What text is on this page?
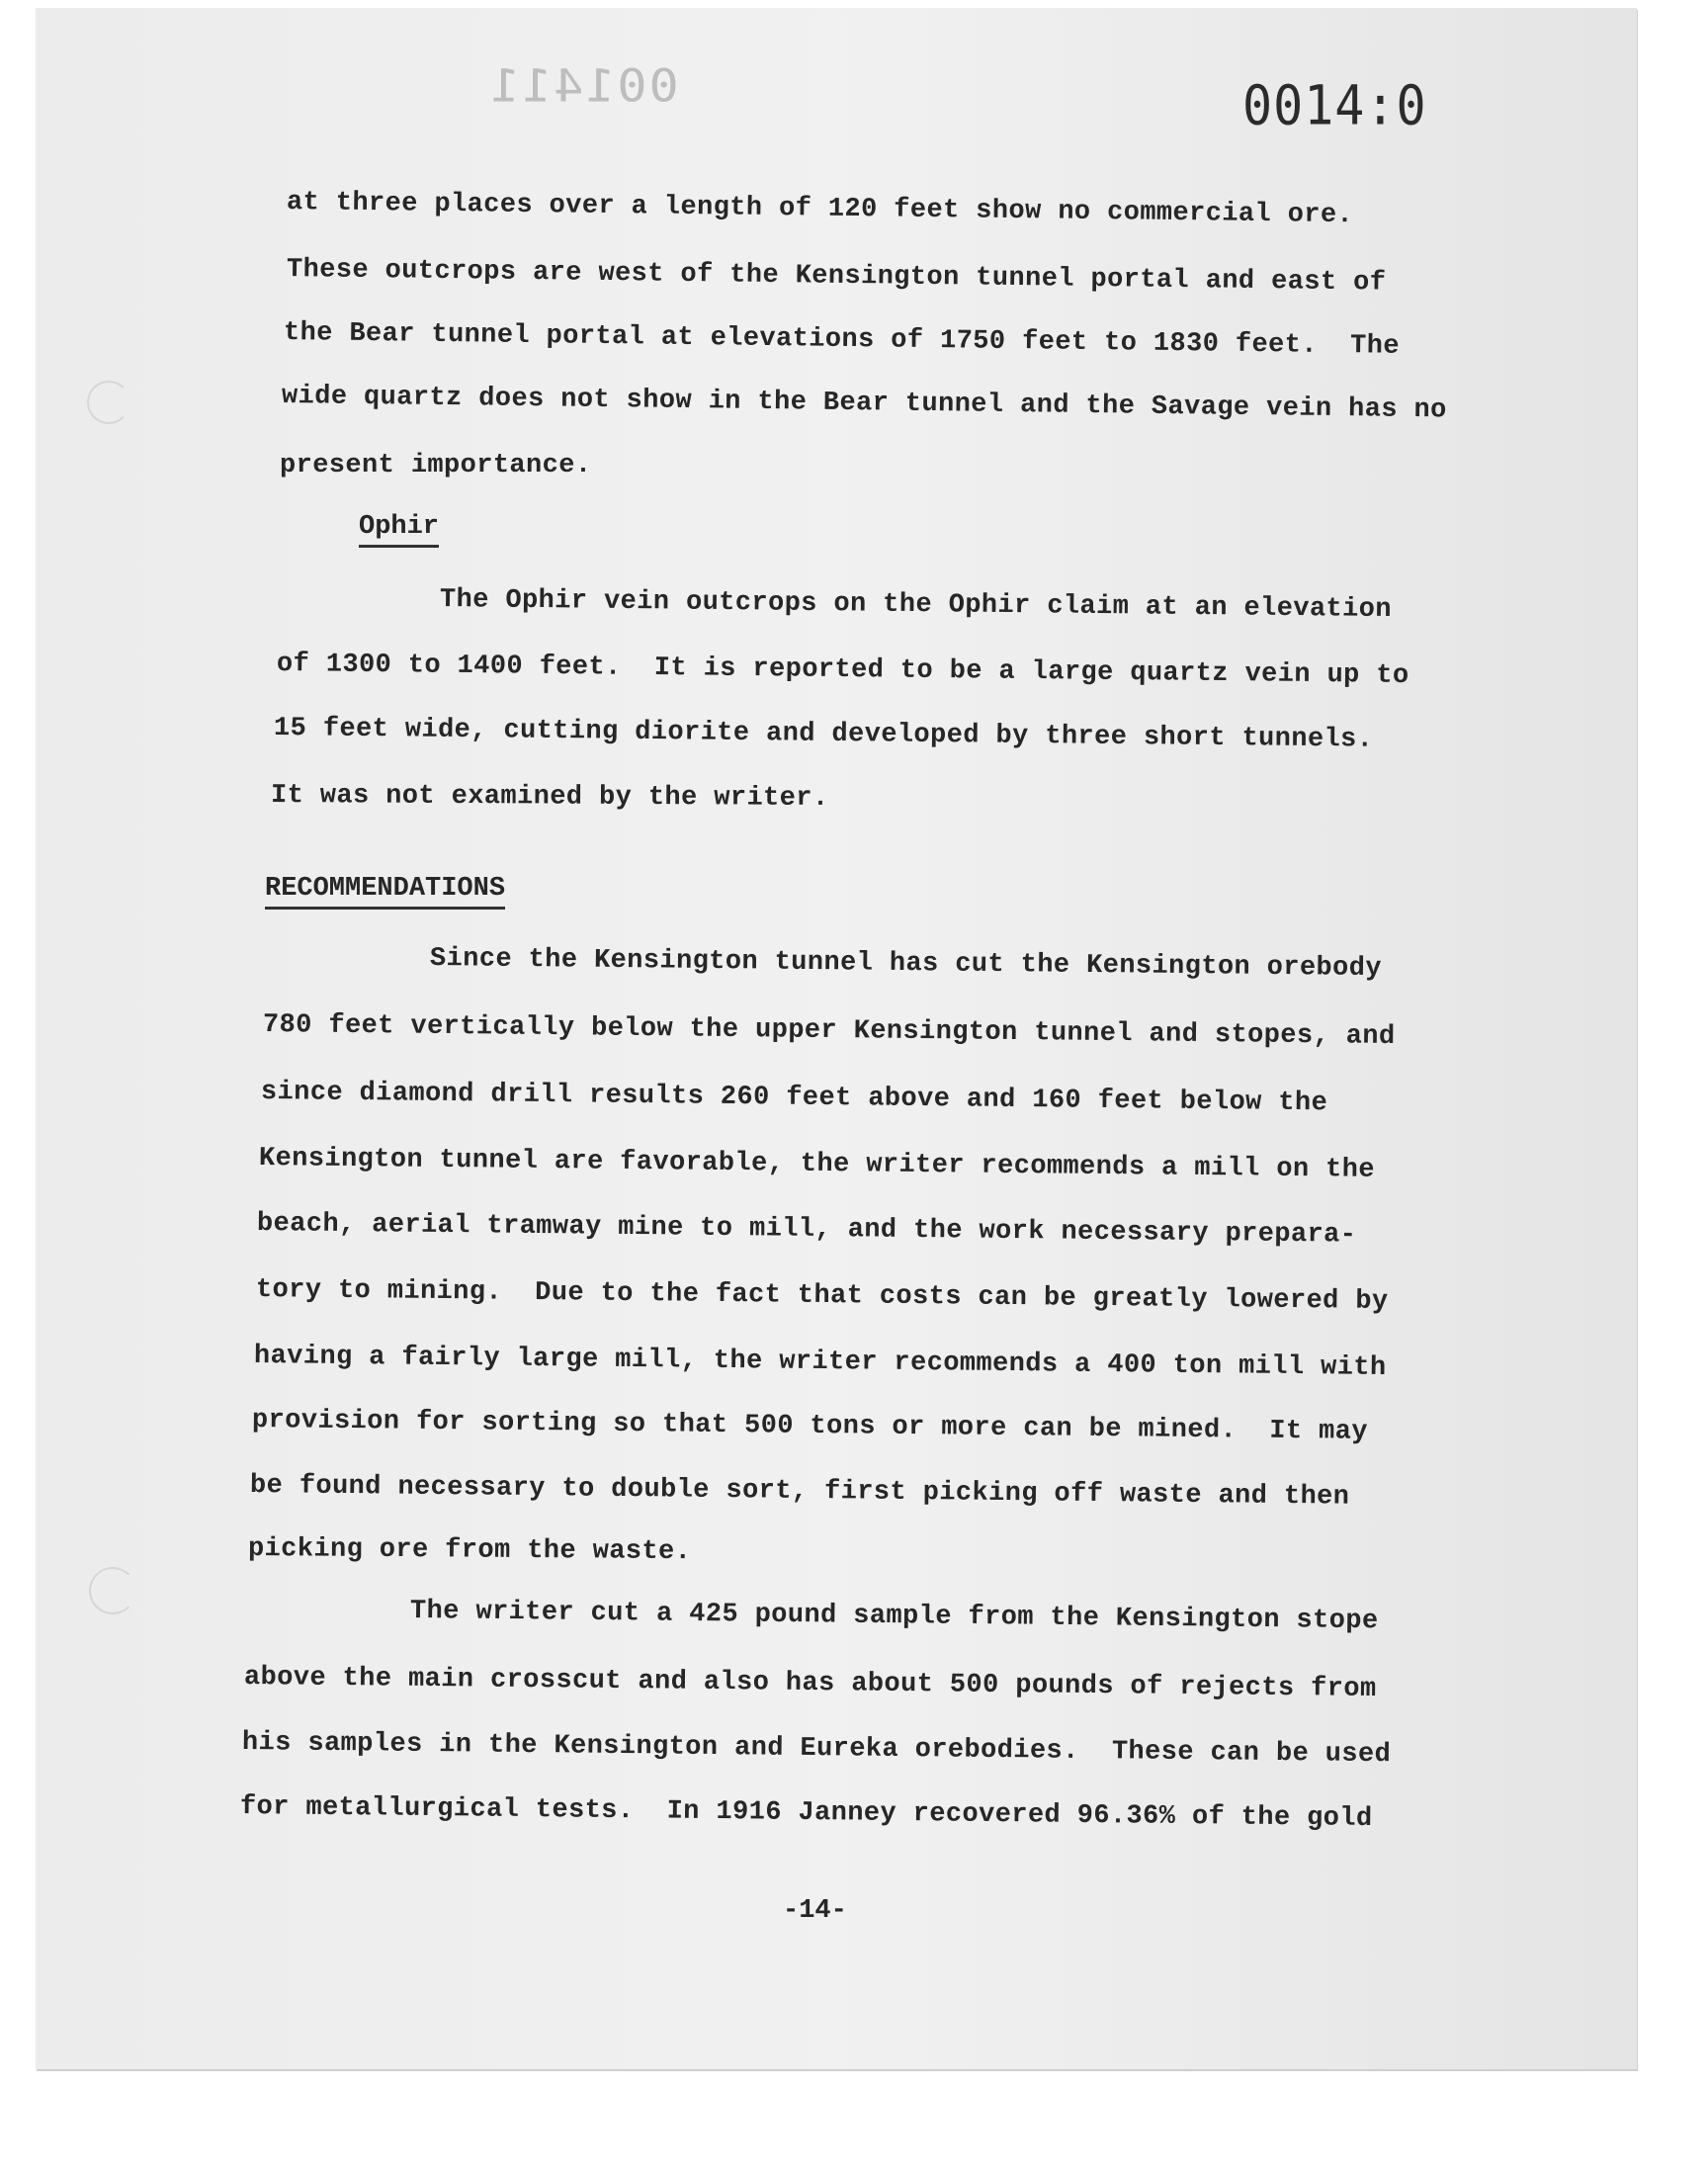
001411	0014:0
at three places over a length of 120 feet show no commercial ore.
These outcrops are west of the Kensington tunnel portal and east of
the Bear tunnel portal at elevations of 1750 feet to 1830 feet.  The
wide quartz does not show in the Bear tunnel and the Savage vein has no
present importance.
Ophir
The Ophir vein outcrops on the Ophir claim at an elevation
of 1300 to 1400 feet.  It is reported to be a large quartz vein up to
15 feet wide, cutting diorite and developed by three short tunnels.
It was not examined by the writer.
RECOMMENDATIONS
Since the Kensington tunnel has cut the Kensington orebody
780 feet vertically below the upper Kensington tunnel and stopes, and
since diamond drill results 260 feet above and 160 feet below the
Kensington tunnel are favorable, the writer recommends a mill on the
beach, aerial tramway mine to mill, and the work necessary prepara-
tory to mining.  Due to the fact that costs can be greatly lowered by
having a fairly large mill, the writer recommends a 400 ton mill with
provision for sorting so that 500 tons or more can be mined.  It may
be found necessary to double sort, first picking off waste and then
picking ore from the waste.
The writer cut a 425 pound sample from the Kensington stope
above the main crosscut and also has about 500 pounds of rejects from
his samples in the Kensington and Eureka orebodies.  These can be used
for metallurgical tests.  In 1916 Janney recovered 96.36% of the gold
-14-
